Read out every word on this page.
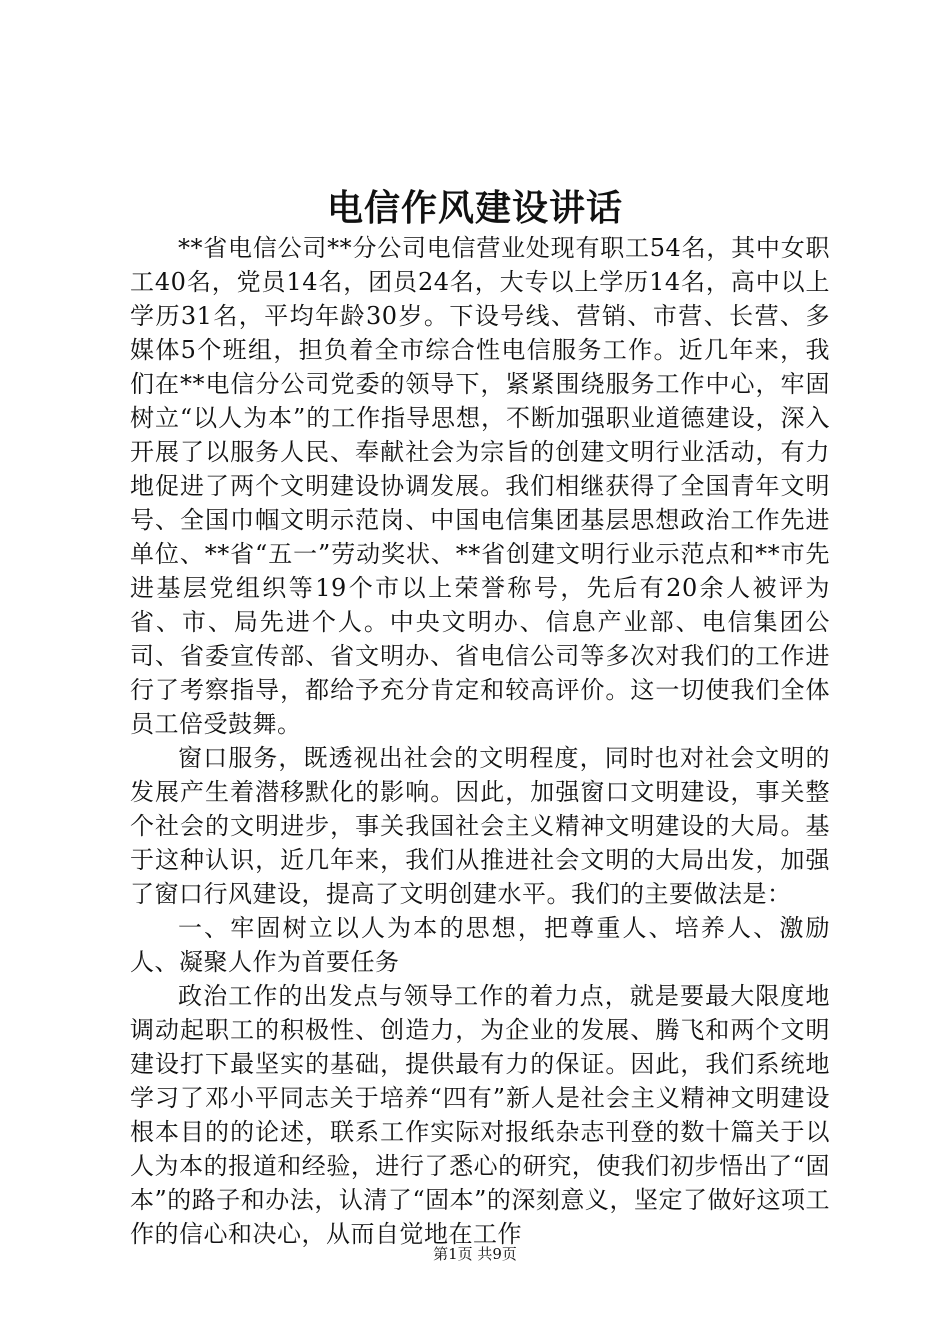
电信作风建设讲话

**省电信公司**分公司电信营业处现有职工54名，其中女职工40名，党员14名，团员24名，大专以上学历14名，高中以上学历31名，平均年龄30岁。下设号线、营销、市营、长营、多媒体5个班组，担负着全市综合性电信服务工作。近几年来，我们在**电信分公司党委的领导下，紧紧围绕服务工作中心，牢固树立“以人为本”的工作指导思想，不断加强职业道德建设，深入开展了以服务人民、奉献社会为宗旨的创建文明行业活动，有力地促进了两个文明建设协调发展。我们相继获得了全国青年文明号、全国巾帼文明示范岗、中国电信集团基层思想政治工作先进单位、**省“五一”劳动奖状、**省创建文明行业示范点和**市先进基层党组织等19个市以上荣誉称号，先后有20余人被评为省、市、局先进个人。中央文明办、信息产业部、电信集团公司、省委宣传部、省文明办、省电信公司等多次对我们的工作进行了考察指导，都给予充分肯定和较高评价。这一切使我们全体员工倍受鼓舞。

窗口服务，既透视出社会的文明程度，同时也对社会文明的发展产生着潜移默化的影响。因此，加强窗口文明建设，事关整个社会的文明进步，事关我国社会主义精神文明建设的大局。基于这种认识，近几年来，我们从推进社会文明的大局出发，加强了窗口行风建设，提高了文明创建水平。我们的主要做法是：

一、牢固树立以人为本的思想，把尊重人、培养人、激励人、凝聚人作为首要任务

政治工作的出发点与领导工作的着力点，就是要最大限度地调动起职工的积极性、创造力，为企业的发展、腾飞和两个文明建设打下最坚实的基础，提供最有力的保证。因此，我们系统地学习了邓小平同志关于培养“四有”新人是社会主义精神文明建设根本目的的论述，联系工作实际对报纸杂志刊登的数十篇关于以人为本的报道和经验，进行了悉心的研究，使我们初步悟出了“固本”的路子和办法，认清了“固本”的深刻意义，坚定了做好这项工作的信心和决心，从而自觉地在工作

第1页 共9页
